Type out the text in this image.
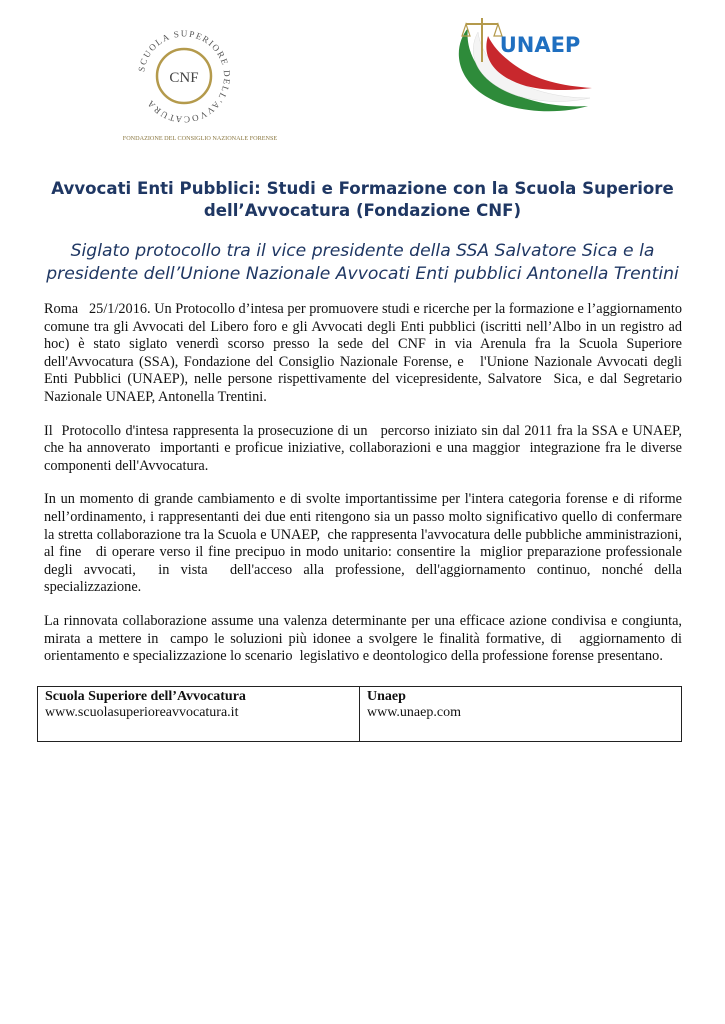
CNF
SCUOLA SUPERIORE DELL'AVVOCATURA
FONDAZIONE DEL CONSIGLIO NAZIONALE FORENSE
UNAEP
Avvocati Enti Pubblici: Studi e Formazione con la Scuola Superiore dell’Avvocatura (Fondazione CNF)
Siglato protocollo tra il vice presidente della SSA Salvatore Sica e la presidente dell’Unione Nazionale Avvocati Enti pubblici Antonella Trentini

Roma   25/1/2016. Un Protocollo d’intesa per promuovere studi e ricerche per la formazione e l’aggiornamento comune tra gli Avvocati del Libero foro e gli Avvocati degli Enti pubblici (iscritti nell’Albo in un registro ad hoc) è stato siglato venerdì scorso presso la sede del CNF in via Arenula fra la Scuola Superiore   dell'Avvocatura (SSA), Fondazione del Consiglio Nazionale Forense, e   l'Unione Nazionale Avvocati degli Enti Pubblici (UNAEP), nelle persone rispettivamente del vicepresidente, Salvatore  Sica, e dal Segretario Nazionale UNAEP, Antonella Trentini.

Il  Protocollo d'intesa rappresenta la prosecuzione di un   percorso iniziato sin dal 2011 fra la SSA e UNAEP, che ha annoverato  importanti e proficue iniziative, collaborazioni e una maggior  integrazione fra le diverse componenti dell'Avvocatura.

In un momento di grande cambiamento e di svolte importantissime per l'intera categoria forense e di riforme nell’ordinamento, i rappresentanti dei due enti ritengono sia un passo molto significativo quello di confermare la stretta collaborazione tra la Scuola e UNAEP,  che rappresenta l'avvocatura delle pubbliche amministrazioni, al fine   di operare verso il fine precipuo in modo unitario: consentire la  miglior preparazione professionale degli avvocati,  in vista  dell'acceso alla professione, dell'aggiornamento continuo, nonché della specializzazione.

La rinnovata collaborazione assume una valenza determinante per una efficace azione condivisa e congiunta, mirata a mettere in  campo le soluzioni più idonee a svolgere le finalità formative, di   aggiornamento di orientamento e specializzazione lo scenario  legislativo e deontologico della professione forense presentano.

Scuola Superiore dell’Avvocatura
www.scuolasuperioreavvocatura.it

Unaep
www.unaep.com
